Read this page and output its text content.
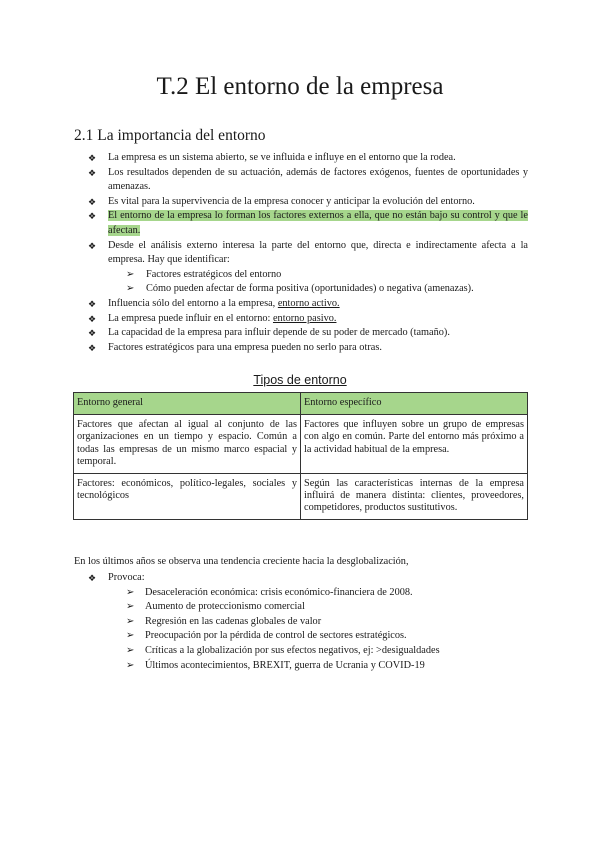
T.2 El entorno de la empresa
2.1 La importancia del entorno
❖ La empresa es un sistema abierto, se ve influida e influye en el entorno que la rodea.
❖ Los resultados dependen de su actuación, además de factores exógenos, fuentes de oportunidades y amenazas.
❖ Es vital para la supervivencia de la empresa conocer y anticipar la evolución del entorno.
❖ El entorno de la empresa lo forman los factores externos a ella, que no están bajo su control y que le afectan.
❖ Desde el análisis externo interesa la parte del entorno que, directa e indirectamente afecta a la empresa. Hay que identificar:
➢ Factores estratégicos del entorno
➢ Cómo pueden afectar de forma positiva (oportunidades) o negativa (amenazas).
❖ Influencia sólo del entorno a la empresa, entorno activo.
❖ La empresa puede influir en el entorno: entorno pasivo.
❖ La capacidad de la empresa para influir depende de su poder de mercado (tamaño).
❖ Factores estratégicos para una empresa pueden no serlo para otras.
Tipos de entorno
Entorno general	Entorno específico
Factores que afectan al igual al conjunto de las organizaciones en un tiempo y espacio. Común a todas las empresas de un mismo marco espacial y temporal.	Factores que influyen sobre un grupo de empresas con algo en común. Parte del entorno más próximo a la actividad habitual de la empresa.
Factores: económicos, político-legales, sociales y tecnológicos	Según las características internas de la empresa influirá de manera distinta: clientes, proveedores, competidores, productos sustitutivos.
En los últimos años se observa una tendencia creciente hacia la desglobalización,
❖ Provoca:
➢ Desaceleración económica: crisis económico-financiera de 2008.
➢ Aumento de proteccionismo comercial
➢ Regresión en las cadenas globales de valor
➢ Preocupación por la pérdida de control de sectores estratégicos.
➢ Críticas a la globalización por sus efectos negativos, ej: >desigualdades
➢ Últimos acontecimientos, BREXIT, guerra de Ucrania y COVID-19
